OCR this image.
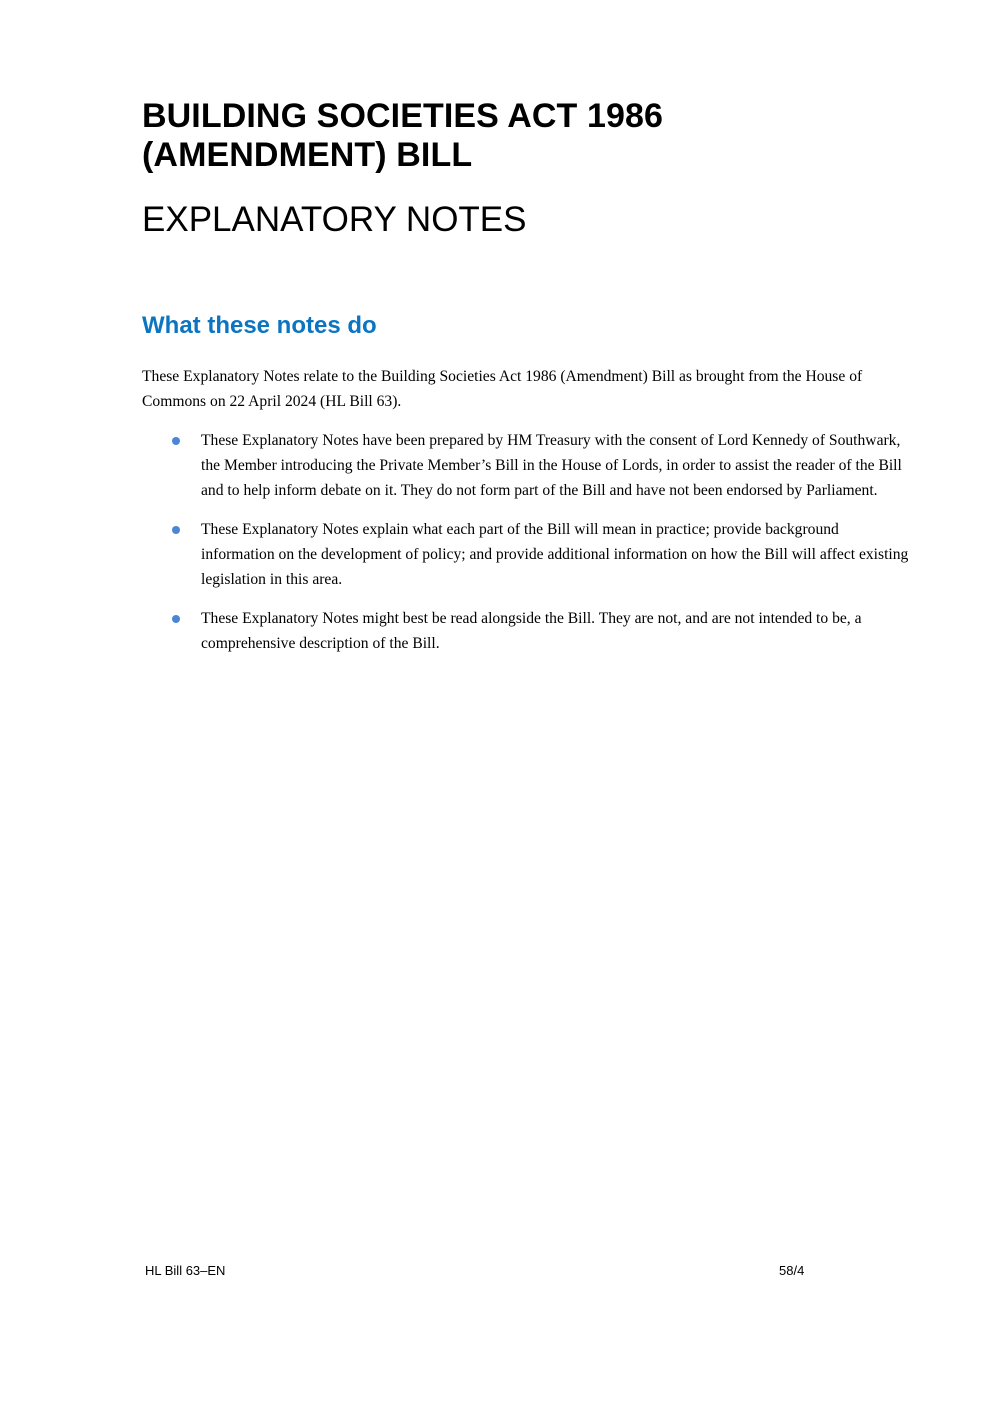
BUILDING SOCIETIES ACT 1986
(AMENDMENT) BILL
EXPLANATORY NOTES
What these notes do

These Explanatory Notes relate to the Building Societies Act 1986 (Amendment) Bill as brought from the House of Commons on 22 April 2024 (HL Bill 63).

These Explanatory Notes have been prepared by HM Treasury with the consent of Lord Kennedy of Southwark, the Member introducing the Private Member’s Bill in the House of Lords, in order to assist the reader of the Bill and to help inform debate on it. They do not form part of the Bill and have not been endorsed by Parliament.
These Explanatory Notes explain what each part of the Bill will mean in practice; provide background information on the development of policy; and provide additional information on how the Bill will affect existing legislation in this area.
These Explanatory Notes might best be read alongside the Bill. They are not, and are not intended to be, a comprehensive description of the Bill.
HL Bill 63–EN	58/4
